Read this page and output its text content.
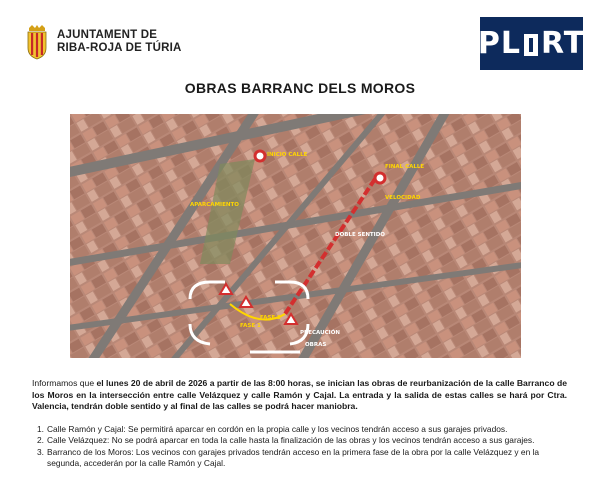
AJUNTAMENT DE
RIBA-ROJA DE TÚRIA	PL RT
OBRAS BARRANC DELS MOROS
INICIO CALLE
FINAL CALLE
APARCAMIENTO
FASE 1
FASE 2
VELOCIDAD
DOBLE SENTIDO
PRECAUCIÓN
OBRAS
Informamos que el lunes 20 de abril de 2026 a partir de las 8:00 horas, se inician las obras de reurbanización de la calle Barranco de los Moros en la intersección entre calle Velázquez y calle Ramón y Cajal. La entrada y la salida de estas calles se hará por Ctra. Valencia, tendrán doble sentido y al final de las calles se podrá hacer maniobra.
1. Calle Ramón y Cajal: Se permitirá aparcar en cordón en la propia calle y los vecinos tendrán acceso a sus garajes privados.
2. Calle Velázquez: No se podrá aparcar en toda la calle hasta la finalización de las obras y los vecinos tendrán acceso a sus garajes.
3. Barranco de los Moros: Los vecinos con garajes privados tendrán acceso en la primera fase de la obra por la calle Velázquez y en la segunda, accederán por la calle Ramón y Cajal.
